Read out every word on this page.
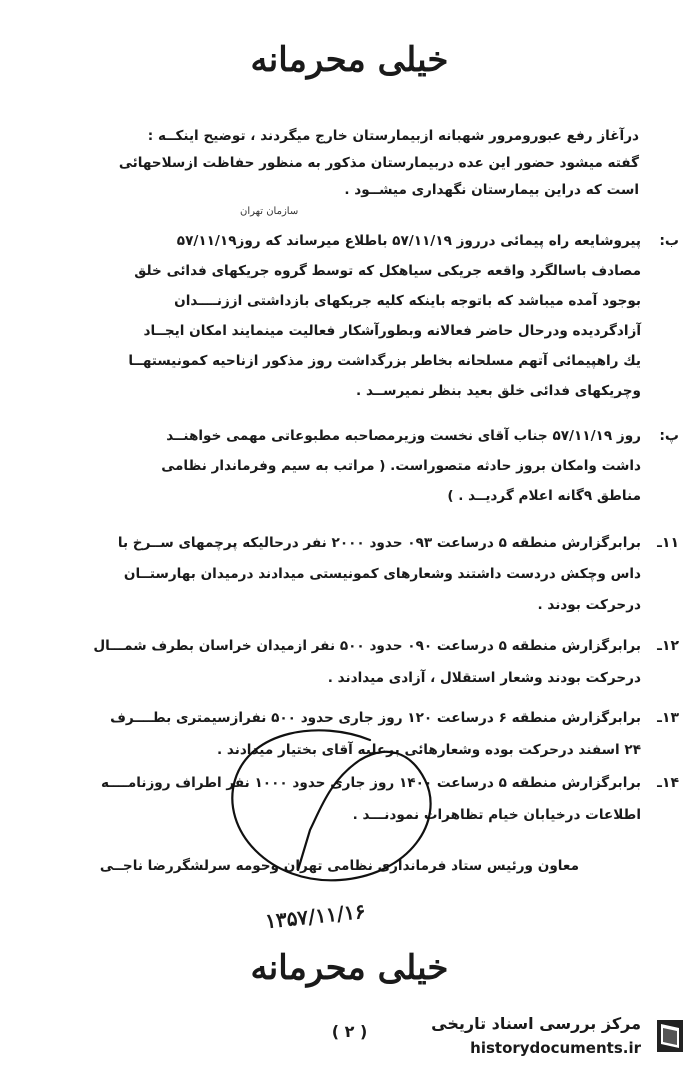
خیلی محرمانه
درآغاز رفع عبورومرور شهبانه ازبیمارستان خارج میگردند ، توضیح اینکــه :
گفته میشود حضور این عده دربیمارستان مذکور به منظور حفاظت ازسلاحهائی
است که دراین بیمارستان نگهداری میشــود .
سازمان تهران
ب:
پیروشایعه راه پیمائی درروز ۵۷/۱۱/۱۹ باطلاع میرساند که روز۵۷/۱۱/۱۹
مصادف باسالگرد واقعه جریکی سیاهکل که توسط گروه جریکهای فدائی خلق
بوجود آمده میباشد که باتوجه باینکه کلیه جریکهای بازداشتی اززنــــدان
آزادگردیده ودرحال حاضر فعالانه وبطورآشکار فعالیت مینمایند امکان ایجــاد
یك راهپیمائی آتهم مسلحانه بخاطر بزرگداشت روز مذکور ازناحیه کمونیستهــا
وچریکهای فدائی خلق بعید بنظر نمیرســد .
پ:
روز ۵۷/۱۱/۱۹ جناب آقای نخست وزیرمصاحبه مطبوعاتی مهمی خواهنــد
داشت وامکان بروز حادثه متصوراست. ( مراتب به سیم وفرماندار نظامی
مناطق ۹گانه اعلام گردیــد . )
۱۱ـ
برابرگزارش منطقه ۵ درساعت ۰۹۳ حدود ۲۰۰۰ نفر درحالیکه پرچمهای ســرخ با
داس وچکش دردست داشتند وشعارهای کمونیستی میدادند درمیدان بهارستــان
درحرکت بودند .
۱۲ـ
برابرگزارش منطقه ۵ درساعت ۰۹۰ حدود ۵۰۰ نفر ازمیدان خراسان بطرف شمـــال
درحرکت بودند وشعار استقلال ، آزادی میدادند .
۱۳ـ
برابرگزارش منطقه ۶ درساعت ۱۲۰ روز جاری حدود ۵۰۰ نفرازسیمتری بطــــرف
۲۴ اسفند درحرکت بوده وشعارهائی برعلیه آقای بختیار میدادند .
۱۴ـ
برابرگزارش منطقه ۵ درساعت ۱۴۰۰ روز جاری حدود ۱۰۰۰ نفر اطراف روزنامــــه
اطلاعات درخیابان خیام تظاهرات نمودنـــد .
معاون ورئیس ستاد فرمانداری نظامی تهران وحومه سرلشگررضا ناجــی
۱۳۵۷/۱۱/۱۶
خیلی محرمانه
( ۲ )	مرکز بررسی اسناد تاریخی
historydocuments.ir
